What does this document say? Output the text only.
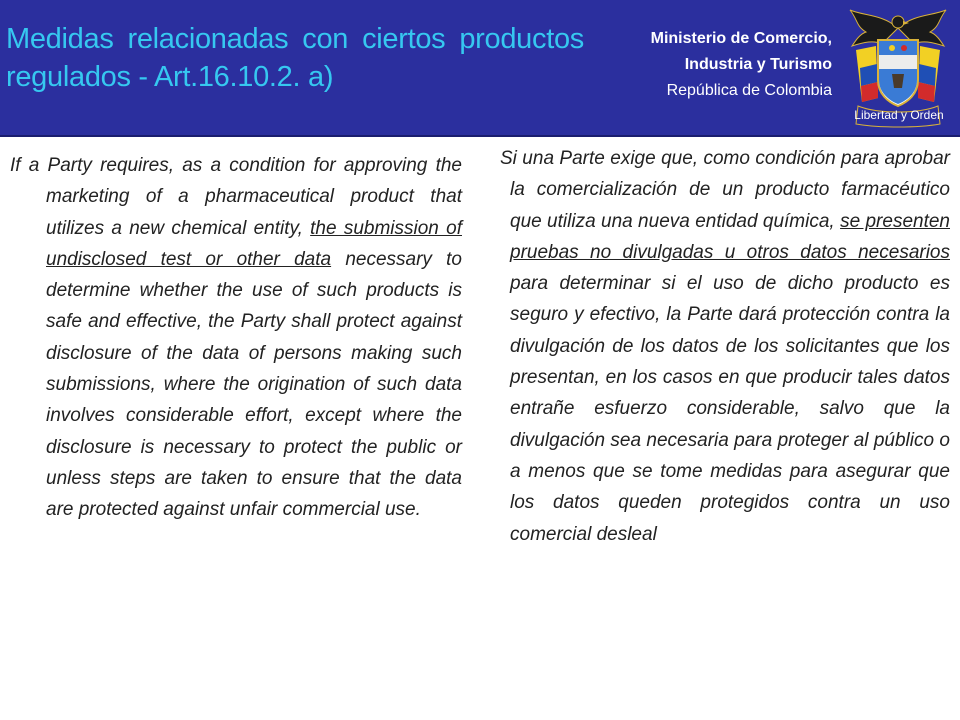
Medidas relacionadas con ciertos productos regulados - Art.16.10.2. a)
Ministerio de Comercio,
Industria y Turismo
República de Colombia
Libertad y Orden

If a Party requires, as a condition for approving the marketing of a pharmaceutical product that utilizes a new chemical entity, the submission of undisclosed test or other data necessary to determine whether the use of such products is safe and effective, the Party shall protect against disclosure of the data of persons making such submissions, where the origination of such data involves considerable effort, except where the disclosure is necessary to protect the public or unless steps are taken to ensure that the data are protected against unfair commercial use.

Si una Parte exige que, como condición para aprobar la comercialización de un producto farmacéutico que utiliza una nueva entidad química, se presenten pruebas no divulgadas u otros datos necesarios para determinar si el uso de dicho producto es seguro y efectivo, la Parte dará protección contra la divulgación de los datos de los solicitantes que los presentan, en los casos en que producir tales datos entrañe esfuerzo considerable, salvo que la divulgación sea necesaria para proteger al público o a menos que se tome medidas para asegurar que los datos queden protegidos contra un uso comercial desleal
